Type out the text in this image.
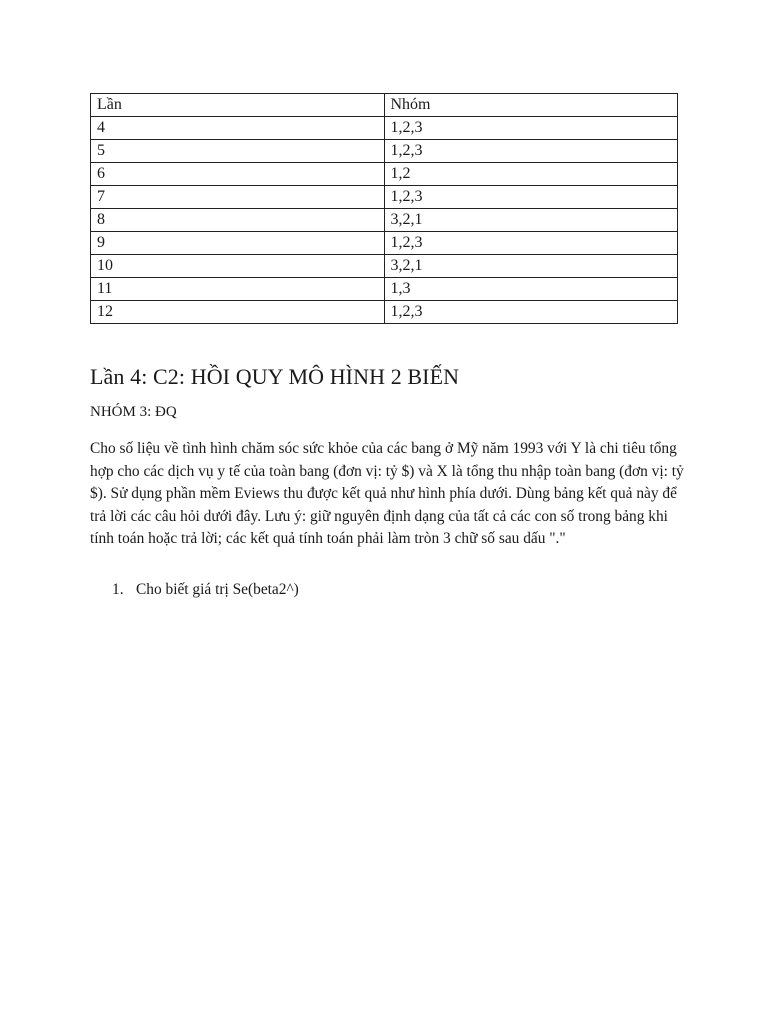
Lần	Nhóm
4	1,2,3
5	1,2,3
6	1,2
7	1,2,3
8	3,2,1
9	1,2,3
10	3,2,1
11	1,3
12	1,2,3
Lần 4: C2: HỒI QUY MÔ HÌNH 2 BIẾN

NHÓM 3: ĐQ

Cho số liệu về tình hình chăm sóc sức khỏe của các bang ở Mỹ năm 1993 với Y là chi tiêu tổng hợp cho các dịch vụ y tế của toàn bang (đơn vị: tỷ $) và X là tổng thu nhập toàn bang (đơn vị: tỷ $). Sử dụng phần mềm Eviews thu được kết quả như hình phía dưới. Dùng bảng kết quả này để trả lời các câu hỏi dưới đây. Lưu ý: giữ nguyên định dạng của tất cả các con số trong bảng khi tính toán hoặc trả lời; các kết quả tính toán phải làm tròn 3 chữ số sau dấu "."

1. Cho biết giá trị Se(beta2^)
